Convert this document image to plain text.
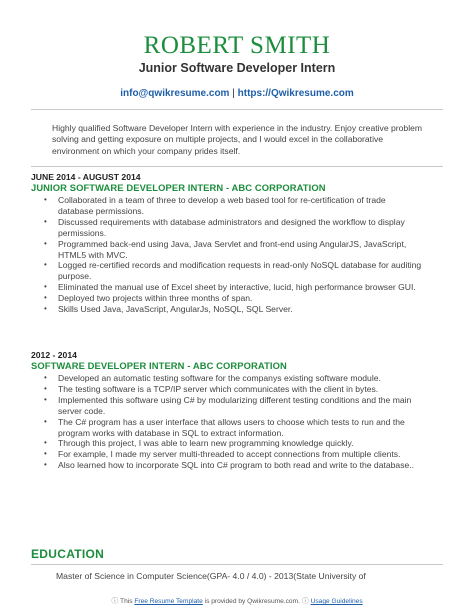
ROBERT SMITH
Junior Software Developer Intern
info@qwikresume.com | https://Qwikresume.com
Highly qualified Software Developer Intern with experience in the industry. Enjoy creative problem solving and getting exposure on multiple projects, and I would excel in the collaborative environment on which your company prides itself.
JUNE 2014 - AUGUST 2014
JUNIOR SOFTWARE DEVELOPER INTERN - ABC CORPORATION
• Collaborated in a team of three to develop a web based tool for re-certification of trade database permissions.
• Discussed requirements with database administrators and designed the workflow to display permissions.
• Programmed back-end using Java, Java Servlet and front-end using AngularJS, JavaScript, HTML5 with MVC.
• Logged re-certified records and modification requests in read-only NoSQL database for auditing purpose.
• Eliminated the manual use of Excel sheet by interactive, lucid, high performance browser GUI.
• Deployed two projects within three months of span.
• Skills Used Java, JavaScript, AngularJs, NoSQL, SQL Server.
2012 - 2014
SOFTWARE DEVELOPER INTERN - ABC CORPORATION
• Developed an automatic testing software for the companys existing software module.
• The testing software is a TCP/IP server which communicates with the client in bytes.
• Implemented this software using C# by modularizing different testing conditions and the main server code.
• The C# program has a user interface that allows users to choose which tests to run and the program works with database in SQL to extract information.
• Through this project, I was able to learn new programming knowledge quickly.
• For example, I made my server multi-threaded to accept connections from multiple clients.
• Also learned how to incorporate SQL into C# program to both read and write to the database..
EDUCATION
Master of Science in Computer Science(GPA- 4.0 / 4.0) - 2013(State University of
ⓘ This Free Resume Template is provided by Qwikresume.com. ⓘ Usage Guidelines
